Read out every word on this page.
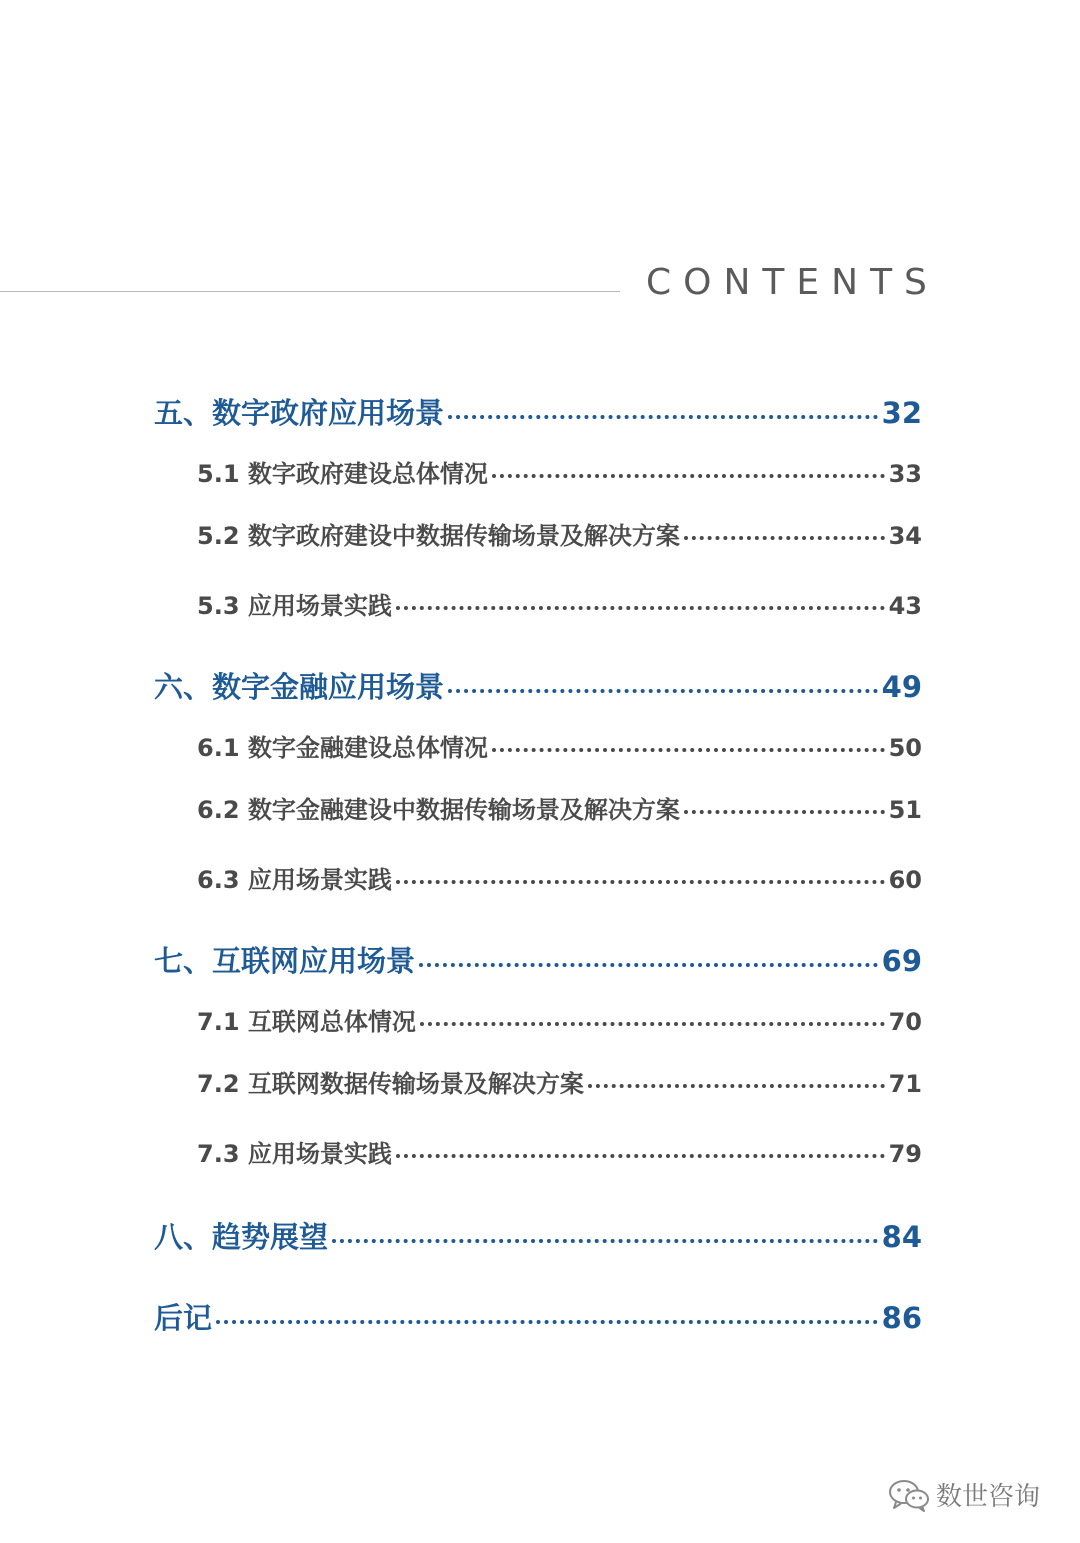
CONTENTS
五、数字政府应用场景	32
5.1 数字政府建设总体情况	33
5.2 数字政府建设中数据传输场景及解决方案	34
5.3 应用场景实践	43
六、数字金融应用场景	49
6.1 数字金融建设总体情况	50
6.2 数字金融建设中数据传输场景及解决方案	51
6.3 应用场景实践	60
七、互联网应用场景	69
7.1 互联网总体情况	70
7.2 互联网数据传输场景及解决方案	71
7.3 应用场景实践	79
八、趋势展望	84
后记	86
数世咨询
